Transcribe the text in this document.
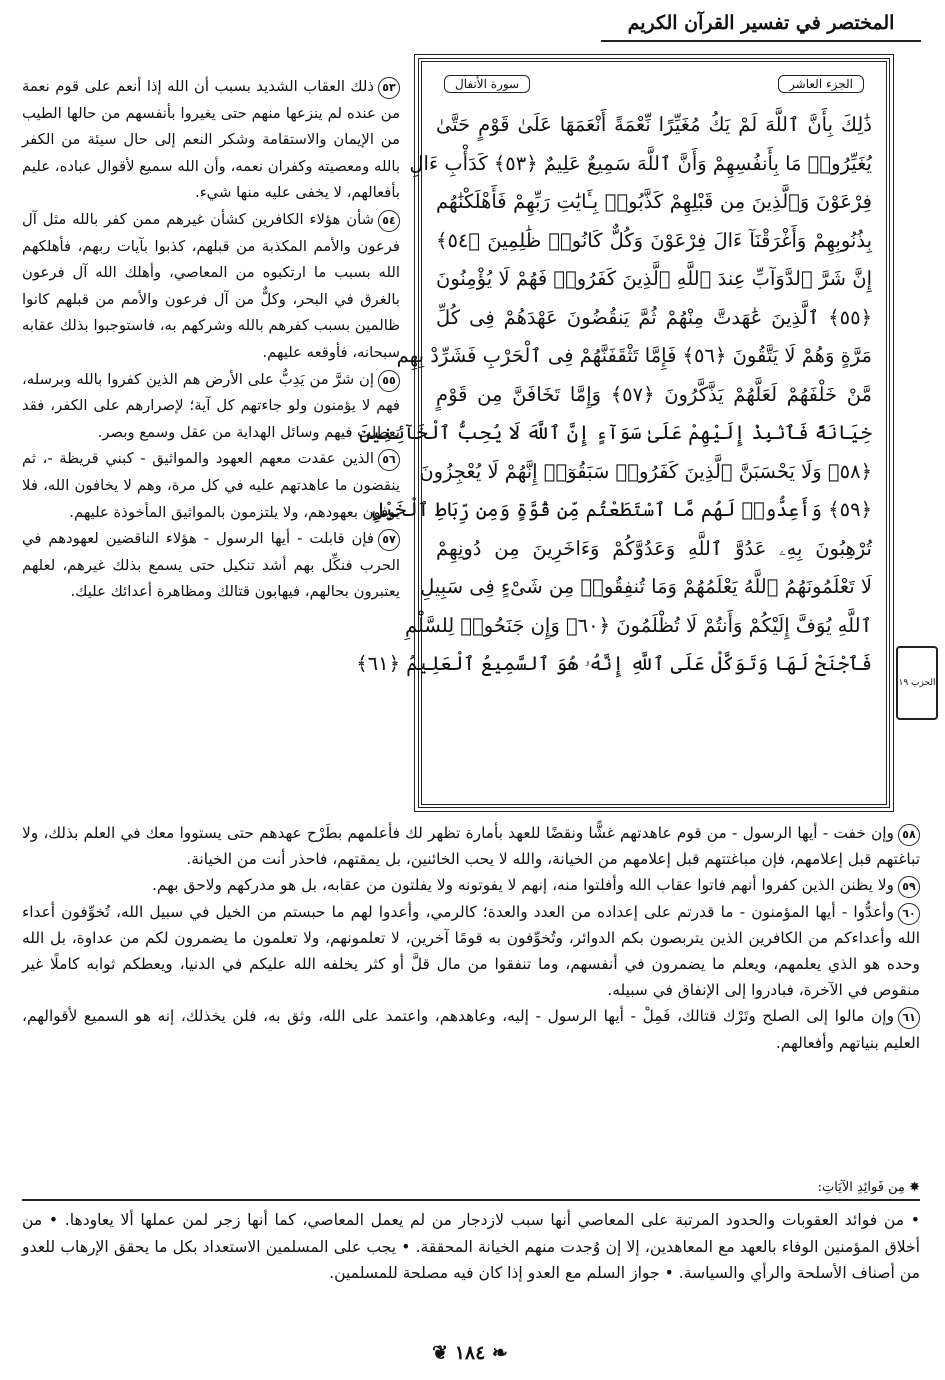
المختصر في تفسير القرآن الكريم
الجزء العاشر
سورة الأنفال
ذَٰلِكَ بِأَنَّ ٱللَّهَ لَمْ يَكُ مُغَيِّرًا نِّعْمَةً أَنْعَمَهَا عَلَىٰ قَوْمٍ حَتَّىٰ
يُغَيِّرُوا۟ مَا بِأَنفُسِهِمْ وَأَنَّ ٱللَّهَ سَمِيعٌ عَلِيمٌ ﴿٥٣﴾ كَدَأْبِ ءَالِ
فِرْعَوْنَ وَٱلَّذِينَ مِن قَبْلِهِمْ كَذَّبُوا۟ بِـَٔايَٰتِ رَبِّهِمْ فَأَهْلَكْنَٰهُم
بِذُنُوبِهِمْ وَأَغْرَقْنَآ ءَالَ فِرْعَوْنَ وَكُلٌّ كَانُوا۟ ظَٰلِمِينَ ﴿٥٤﴾
إِنَّ شَرَّ ٱلدَّوَآبِّ عِندَ ٱللَّهِ ٱلَّذِينَ كَفَرُوا۟ فَهُمْ لَا يُؤْمِنُونَ
﴿٥٥﴾ ٱلَّذِينَ عَٰهَدتَّ مِنْهُمْ ثُمَّ يَنقُضُونَ عَهْدَهُمْ فِى كُلِّ
مَرَّةٍ وَهُمْ لَا يَتَّقُونَ ﴿٥٦﴾ فَإِمَّا تَثْقَفَنَّهُمْ فِى ٱلْحَرْبِ فَشَرِّدْ بِهِم
مَّنْ خَلْفَهُمْ لَعَلَّهُمْ يَذَّكَّرُونَ ﴿٥٧﴾ وَإِمَّا تَخَافَنَّ مِن قَوْمٍ
خِيَانَةً فَٱنۢبِذْ إِلَيْهِمْ عَلَىٰ سَوَآءٍ إِنَّ ٱللَّهَ لَا يُحِبُّ ٱلْخَآئِنِينَ
﴿٥٨﴾ وَلَا يَحْسَبَنَّ ٱلَّذِينَ كَفَرُوا۟ سَبَقُوٓا۟ إِنَّهُمْ لَا يُعْجِزُونَ
﴿٥٩﴾ وَأَعِدُّوا۟ لَهُم مَّا ٱسْتَطَعْتُم مِّن قُوَّةٍ وَمِن رِّبَاطِ ٱلْخَيْلِ
تُرْهِبُونَ بِهِۦ عَدُوَّ ٱللَّهِ وَعَدُوَّكُمْ وَءَاخَرِينَ مِن دُونِهِمْ
لَا تَعْلَمُونَهُمُ ٱللَّهُ يَعْلَمُهُمْ وَمَا تُنفِقُوا۟ مِن شَىْءٍ فِى سَبِيلِ
ٱللَّهِ يُوَفَّ إِلَيْكُمْ وَأَنتُمْ لَا تُظْلَمُونَ ﴿٦٠﴾ وَإِن جَنَحُوا۟ لِلسَّلْمِ
فَٱجْنَحْ لَهَا وَتَوَكَّلْ عَلَى ٱللَّهِ إِنَّهُۥ هُوَ ٱلسَّمِيعُ ٱلْعَلِيمُ ﴿٦١﴾
الحزب ١٩

٥٣ذلك العقاب الشديد بسبب أن الله إذا أنعم على قوم نعمة من عنده لم ينزعها منهم حتى يغيروا بأنفسهم من حالها الطيب من الإيمان والاستقامة وشكر النعم إلى حال سيئة من الكفر بالله ومعصيته وكفران نعمه، وأن الله سميع لأقوال عباده، عليم بأفعالهم، لا يخفى عليه منها شيء.

٥٤شأن هؤلاء الكافرين كشأن غيرهم ممن كفر بالله مثل آل فرعون والأمم المكذبة من قبلهم، كذبوا بآيات ربهم، فأهلكهم الله بسبب ما ارتكبوه من المعاصي، وأهلك الله آل فرعون بالغرق في البحر، وكلٌّ من آل فرعون والأمم من قبلهم كانوا ظالمين بسبب كفرهم بالله وشركهم به، فاستوجبوا بذلك عقابه سبحانه، فأوقعه عليهم.

٥٥إن شرَّ من يَدِبُّ على الأرض هم الذين كفروا بالله وبرسله، فهم لا يؤمنون ولو جاءتهم كل آية؛ لإصرارهم على الكفر، فقد تعطلت فيهم وسائل الهداية من عقل وسمع وبصر.

٥٦الذين عقدت معهم العهود والمواثيق - كبني قريظة -، ثم ينقضون ما عاهدتهم عليه في كل مرة، وهم لا يخافون الله، فلا يوفون بعهودهم، ولا يلتزمون بالمواثيق المأخوذة عليهم.

٥٧فإن قابلت - أيها الرسول - هؤلاء الناقضين لعهودهم في الحرب فنكِّل بهم أشد تنكيل حتى يسمع بذلك غيرهم، لعلهم يعتبرون بحالهم، فيهابون قتالك ومظاهرة أعدائك عليك.

٥٨وإن خفت - أيها الرسول - من قوم عاهدتهم غشًّا ونقضًا للعهد بأمارة تظهر لك فأعلمهم بطَرْح عهدهم حتى يستووا معك في العلم بذلك، ولا تباغتهم قبل إعلامهم، فإن مباغتتهم قبل إعلامهم من الخيانة، والله لا يحب الخائنين، بل يمقتهم، فاحذر أنت من الخيانة.

٥٩ولا يظنن الذين كفروا أنهم فاتوا عقاب الله وأفلتوا منه، إنهم لا يفوتونه ولا يفلتون من عقابه، بل هو مدركهم ولاحق بهم.

٦٠وأعدُّوا - أيها المؤمنون - ما قدرتم على إعداده من العدد والعدة؛ كالرمي، وأعدوا لهم ما حبستم من الخيل في سبيل الله، تُخوِّفون أعداء الله وأعداءكم من الكافرين الذين يتربصون بكم الدوائر، وتُخوِّفون به قومًا آخرين، لا تعلمونهم، ولا تعلمون ما يضمرون لكم من عداوة، بل الله وحده هو الذي يعلمهم، ويعلم ما يضمرون في أنفسهم، وما تنفقوا من مال قلَّ أو كثر يخلفه الله عليكم في الدنيا، ويعطكم ثوابه كاملًا غير منقوص في الآخرة، فبادروا إلى الإنفاق في سبيله.

٦١وإن مالوا إلى الصلح وتَرْك قتالك، فَمِلْ - أيها الرسول - إليه، وعاهدهم، واعتمد على الله، وثق به، فلن يخذلك، إنه هو السميع لأقوالهم، العليم بنياتهم وأفعالهم.

✸ مِن فَوائِدِ الآيَاتِ:

• من فوائد العقوبات والحدود المرتبة على المعاصي أنها سبب لازدجار من لم يعمل المعاصي، كما أنها زجر لمن عملها ألا يعاودها. • من أخلاق المؤمنين الوفاء بالعهد مع المعاهدين، إلا إن وُجدت منهم الخيانة المحققة. • يجب على المسلمين الاستعداد بكل ما يحقق الإرهاب للعدو من أصناف الأسلحة والرأي والسياسة. • جواز السلم مع العدو إذا كان فيه مصلحة للمسلمين.

❦ ١٨٤ ❧
